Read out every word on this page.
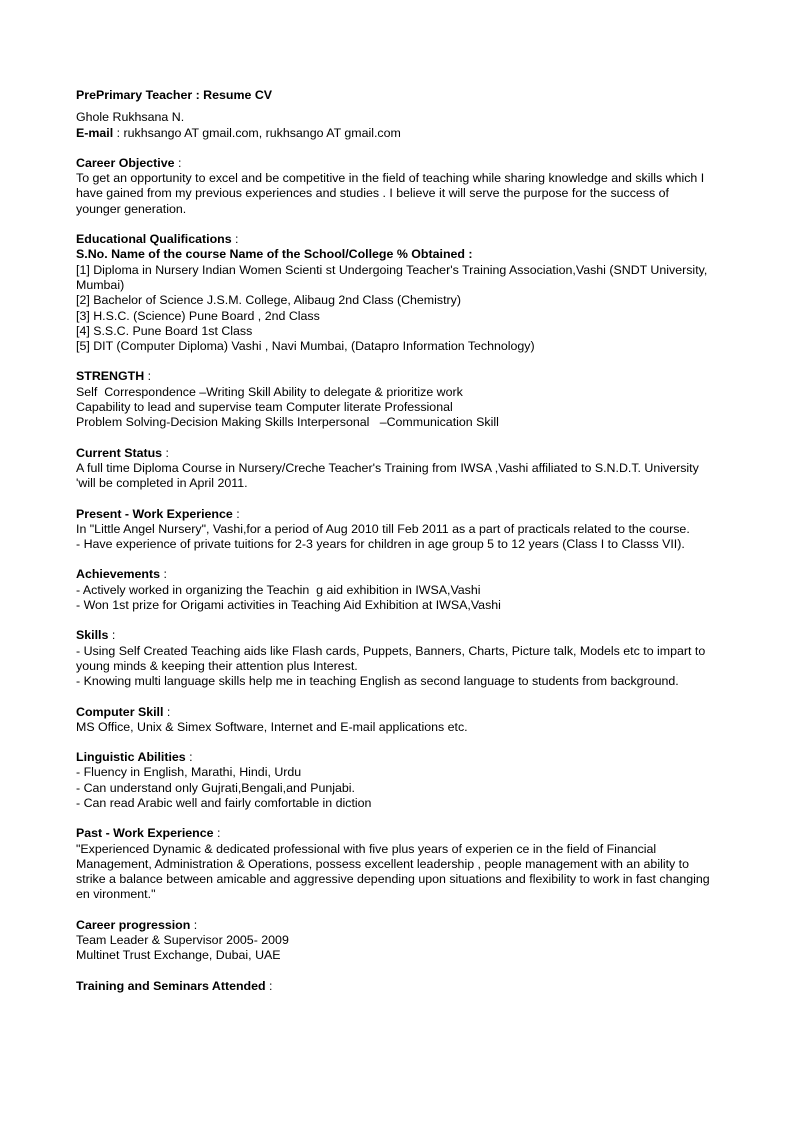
PrePrimary Teacher : Resume CV
Ghole Rukhsana N.
E-mail : rukhsango AT gmail.com, rukhsango AT gmail.com
Career Objective :

To get an opportunity to excel and be competitive in the field of teaching while sharing knowledge and skills which I have gained from my previous experiences and studies . I believe it will serve the purpose for the success of younger generation.

Educational Qualifications :
S.No. Name of the course Name of the School/College % Obtained :

[1] Diploma in Nursery Indian Women Scienti st Undergoing Teacher's Training Association,Vashi (SNDT University, Mumbai)

[2] Bachelor of Science J.S.M. College, Alibaug 2nd Class (Chemistry)

[3] H.S.C. (Science) Pune Board , 2nd Class

[4] S.S.C. Pune Board 1st Class

[5] DIT (Computer Diploma) Vashi , Navi Mumbai, (Datapro Information Technology)

STRENGTH :
Self  Correspondence –Writing Skill Ability to delegate & prioritize work
Capability to lead and supervise team Computer literate Professional
Problem Solving-Decision Making Skills Interpersonal   –Communication Skill
Current Status :

A full time Diploma Course in Nursery/Creche Teacher's Training from IWSA ,Vashi affiliated to S.N.D.T. University 'will be completed in April 2011.

Present - Work Experience :

In "Little Angel Nursery", Vashi,for a period of Aug 2010 till Feb 2011 as a part of practicals related to the course.

- Have experience of private tuitions for 2-3 years for children in age group 5 to 12 years (Class I to Classs VII).

Achievements :
- Actively worked in organizing the Teachin  g aid exhibition in IWSA,Vashi
- Won 1st prize for Origami activities in Teaching Aid Exhibition at IWSA,Vashi
Skills :

- Using Self Created Teaching aids like Flash cards, Puppets, Banners, Charts, Picture talk, Models etc to impart to young minds & keeping their attention plus Interest.

- Knowing multi language skills help me in teaching English as second language to students from background.

Computer Skill :
MS Office, Unix & Simex Software, Internet and E-mail applications etc.
Linguistic Abilities :
- Fluency in English, Marathi, Hindi, Urdu
- Can understand only Gujrati,Bengali,and Punjabi.
- Can read Arabic well and fairly comfortable in diction
Past - Work Experience :

"Experienced Dynamic & dedicated professional with five plus years of experien ce in the field of Financial Management, Administration & Operations, possess excellent leadership , people management with an ability to strike a balance between amicable and aggressive depending upon situations and flexibility to work in fast changing en vironment."

Career progression :
Team Leader & Supervisor 2005- 2009
Multinet Trust Exchange, Dubai, UAE
Training and Seminars Attended :
